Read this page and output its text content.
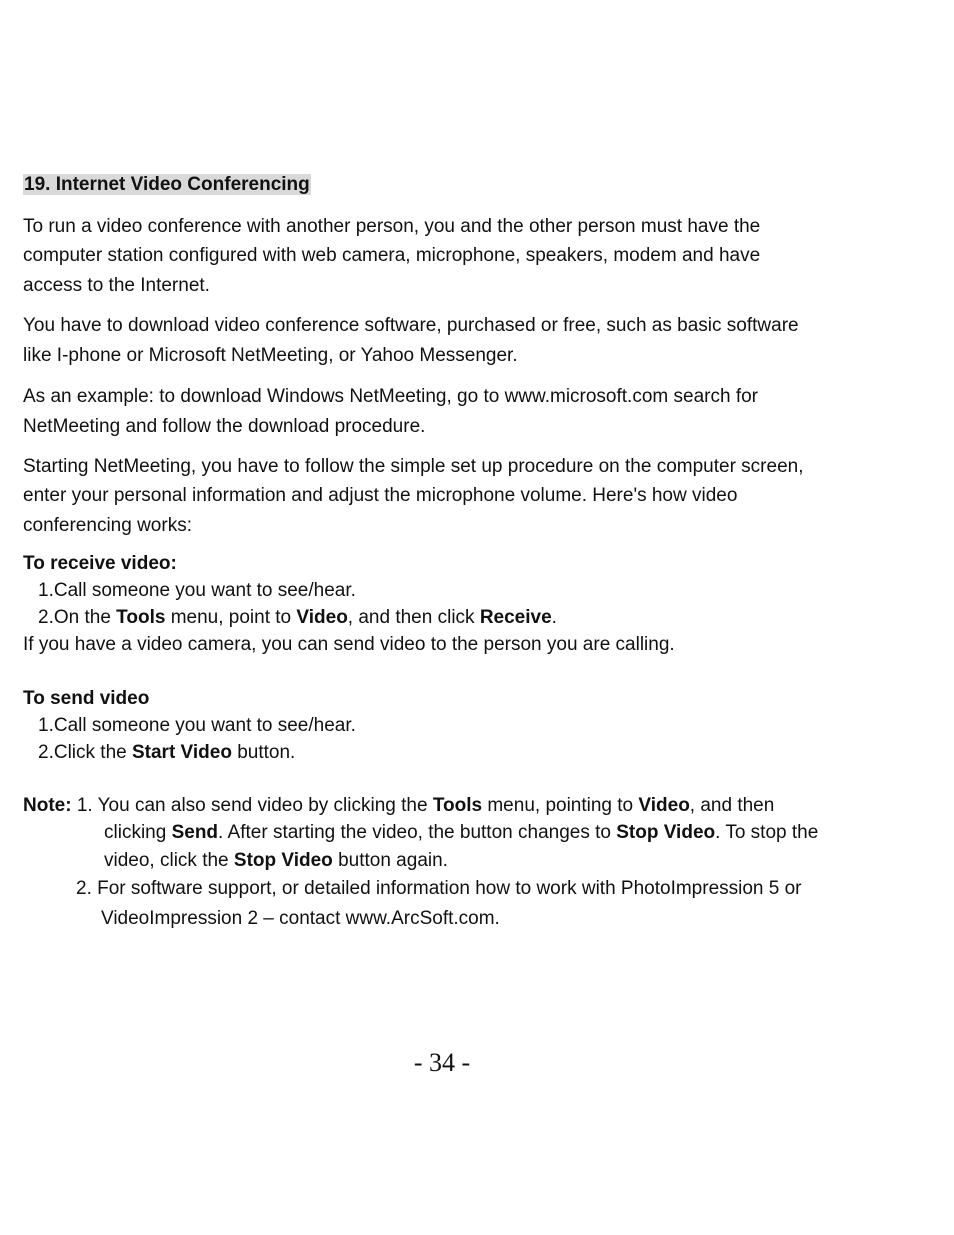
19. Internet Video Conferencing
To run a video conference with another person, you and the other person must have the
computer station configured with web camera, microphone, speakers, modem and have
access to the Internet.
You have to download video conference software, purchased or free, such as basic software
like I-phone or Microsoft NetMeeting, or Yahoo Messenger.
As an example: to download Windows NetMeeting, go to www.microsoft.com search for
NetMeeting and follow the download procedure.
Starting NetMeeting, you have to follow the simple set up procedure on the computer screen,
enter your personal information and adjust the microphone volume. Here's how video
conferencing works:
To receive video:
1.Call someone you want to see/hear.
2.On the Tools menu, point to Video, and then click Receive.
If you have a video camera, you can send video to the person you are calling.
To send video
1.Call someone you want to see/hear.
2.Click the Start Video button.
Note: 1. You can also send video by clicking the Tools menu, pointing to Video, and then
clicking Send. After starting the video, the button changes to Stop Video. To stop the
video, click the Stop Video button again.
2. For software support, or detailed information how to work with PhotoImpression 5 or
VideoImpression 2 – contact www.ArcSoft.com.
- 34 -
